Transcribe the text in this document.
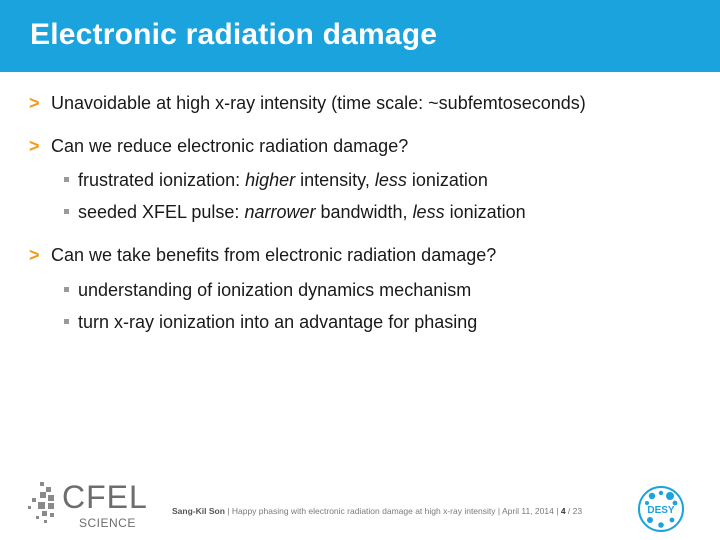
Electronic radiation damage
> Unavoidable at high x-ray intensity (time scale: ~subfemtoseconds)
> Can we reduce electronic radiation damage?
frustrated ionization: higher intensity, less ionization
seeded XFEL pulse: narrower bandwidth, less ionization
> Can we take benefits from electronic radiation damage?
understanding of ionization dynamics mechanism
turn x-ray ionization into an advantage for phasing
CFEL
SCIENCE
Sang-Kil Son | Happy phasing with electronic radiation damage at high x-ray intensity | April 11, 2014 | 4 / 23	DESY
